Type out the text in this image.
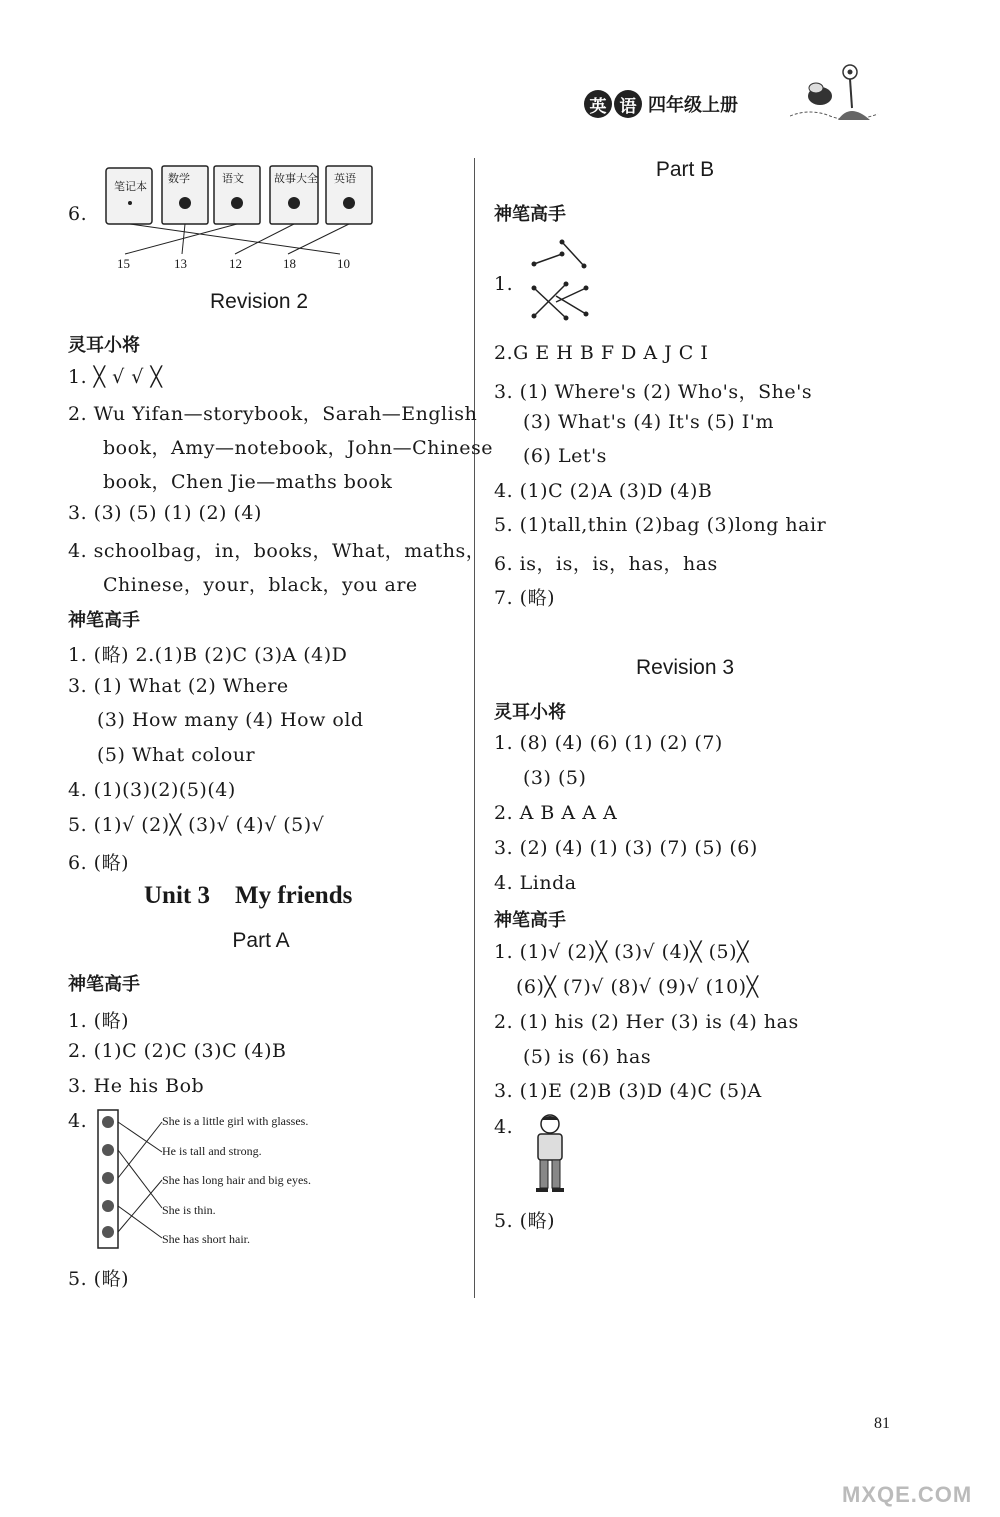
英 语 四年级上册
6.
笔记本
数学	语文	故事大全 英语
15	13	12	18	10
Revision 2
灵耳小将
1. ╳ √ √ ╳
2. Wu Yifan—storybook，Sarah—English
book，Amy—notebook，John—Chinese
book，Chen Jie—maths book
3. (3) (5) (1) (2) (4)
4. schoolbag，in，books，What，maths，
Chinese，your，black，you are
神笔高手
1. (略) 2.(1)B (2)C (3)A (4)D
3. (1) What (2) Where
(3) How many (4) How old
(5) What colour
4. (1)(3)(2)(5)(4)
5. (1)√ (2)╳ (3)√ (4)√ (5)√
6. (略)
Unit 3    My friends
Part A
神笔高手
1. (略)
2. (1)C (2)C (3)C (4)B
3. He his Bob
4.	She is a little girl with glasses.
He is tall and strong.
She has long hair and big eyes.
She is thin.
She has short hair.
5. (略)
Part B
神笔高手
1.
2.G E H B F D A J C I
3. (1) Where's (2) Who's，She's
(3) What's (4) It's (5) I'm
(6) Let's
4. (1)C (2)A (3)D (4)B
5. (1)tall,thin (2)bag (3)long hair
6. is，is，is，has，has
7. (略)
Revision 3
灵耳小将
1. (8) (4) (6) (1) (2) (7)
(3) (5)
2. A B A A A
3. (2) (4) (1) (3) (7) (5) (6)
4. Linda
神笔高手
1. (1)√ (2)╳ (3)√ (4)╳ (5)╳
(6)╳ (7)√ (8)√ (9)√ (10)╳
2. (1) his (2) Her (3) is (4) has
(5) is (6) has
3. (1)E (2)B (3)D (4)C (5)A
4.
5. (略)
81
MXQE.COM
